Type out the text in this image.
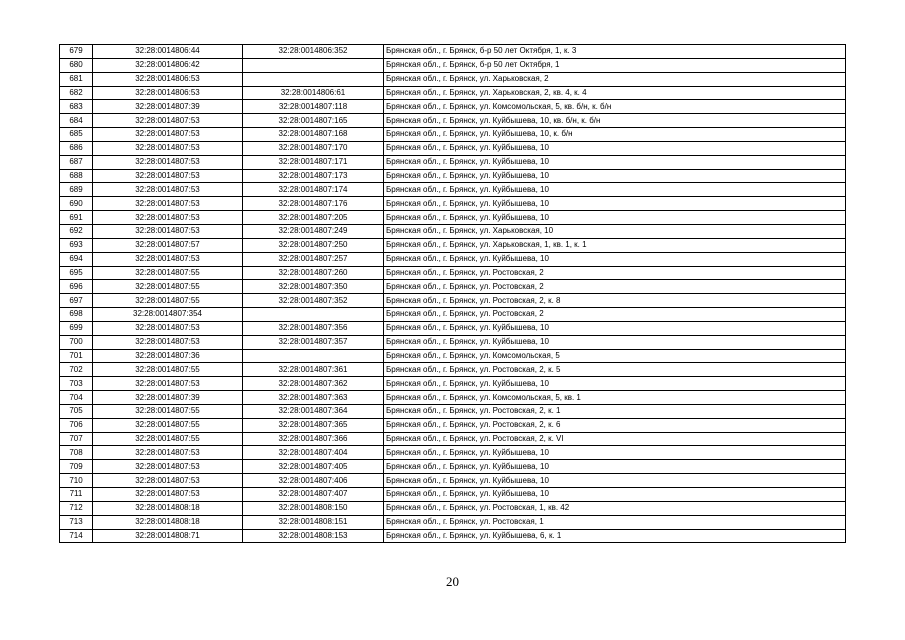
679	32:28:0014806:44	32:28:0014806:352	Брянская обл., г. Брянск, б-р 50 лет Октября, 1, к. 3
680	32:28:0014806:42		Брянская обл., г. Брянск, б-р 50 лет Октября, 1
681	32:28:0014806:53		Брянская обл., г. Брянск, ул. Харьковская, 2
682	32:28:0014806:53	32:28:0014806:61	Брянская обл., г. Брянск, ул. Харьковская, 2, кв. 4, к. 4
683	32:28:0014807:39	32:28:0014807:118	Брянская обл., г. Брянск, ул. Комсомольская, 5, кв. б/н, к. б/н
684	32:28:0014807:53	32:28:0014807:165	Брянская обл., г. Брянск, ул. Куйбышева, 10, кв. б/н, к. б/н
685	32:28:0014807:53	32:28:0014807:168	Брянская обл., г. Брянск, ул. Куйбышева, 10, к. б/н
686	32:28:0014807:53	32:28:0014807:170	Брянская обл., г. Брянск, ул. Куйбышева, 10
687	32:28:0014807:53	32:28:0014807:171	Брянская обл., г. Брянск, ул. Куйбышева, 10
688	32:28:0014807:53	32:28:0014807:173	Брянская обл., г. Брянск, ул. Куйбышева, 10
689	32:28:0014807:53	32:28:0014807:174	Брянская обл., г. Брянск, ул. Куйбышева, 10
690	32:28:0014807:53	32:28:0014807:176	Брянская обл., г. Брянск, ул. Куйбышева, 10
691	32:28:0014807:53	32:28:0014807:205	Брянская обл., г. Брянск, ул. Куйбышева, 10
692	32:28:0014807:53	32:28:0014807:249	Брянская обл., г. Брянск, ул. Харьковская, 10
693	32:28:0014807:57	32:28:0014807:250	Брянская обл., г. Брянск, ул. Харьковская, 1, кв. 1, к. 1
694	32:28:0014807:53	32:28:0014807:257	Брянская обл., г. Брянск, ул. Куйбышева, 10
695	32:28:0014807:55	32:28:0014807:260	Брянская обл., г. Брянск, ул. Ростовская, 2
696	32:28:0014807:55	32:28:0014807:350	Брянская обл., г. Брянск, ул. Ростовская, 2
697	32:28:0014807:55	32:28:0014807:352	Брянская обл., г. Брянск, ул. Ростовская, 2, к. 8
698	32:28:0014807:354		Брянская обл., г. Брянск, ул. Ростовская, 2
699	32:28:0014807:53	32:28:0014807:356	Брянская обл., г. Брянск, ул. Куйбышева, 10
700	32:28:0014807:53	32:28:0014807:357	Брянская обл., г. Брянск, ул. Куйбышева, 10
701	32:28:0014807:36		Брянская обл., г. Брянск, ул. Комсомольская, 5
702	32:28:0014807:55	32:28:0014807:361	Брянская обл., г. Брянск, ул. Ростовская, 2, к. 5
703	32:28:0014807:53	32:28:0014807:362	Брянская обл., г. Брянск, ул. Куйбышева, 10
704	32:28:0014807:39	32:28:0014807:363	Брянская обл., г. Брянск, ул. Комсомольская, 5, кв. 1
705	32:28:0014807:55	32:28:0014807:364	Брянская обл., г. Брянск, ул. Ростовская, 2, к. 1
706	32:28:0014807:55	32:28:0014807:365	Брянская обл., г. Брянск, ул. Ростовская, 2, к. 6
707	32:28:0014807:55	32:28:0014807:366	Брянская обл., г. Брянск, ул. Ростовская, 2, к. VI
708	32:28:0014807:53	32:28:0014807:404	Брянская обл., г. Брянск, ул. Куйбышева, 10
709	32:28:0014807:53	32:28:0014807:405	Брянская обл., г. Брянск, ул. Куйбышева, 10
710	32:28:0014807:53	32:28:0014807:406	Брянская обл., г. Брянск, ул. Куйбышева, 10
711	32:28:0014807:53	32:28:0014807:407	Брянская обл., г. Брянск, ул. Куйбышева, 10
712	32:28:0014808:18	32:28:0014808:150	Брянская обл., г. Брянск, ул. Ростовская, 1, кв. 42
713	32:28:0014808:18	32:28:0014808:151	Брянская обл., г. Брянск, ул. Ростовская, 1
714	32:28:0014808:71	32:28:0014808:153	Брянская обл., г. Брянск, ул. Куйбышева, 6, к. 1
20
